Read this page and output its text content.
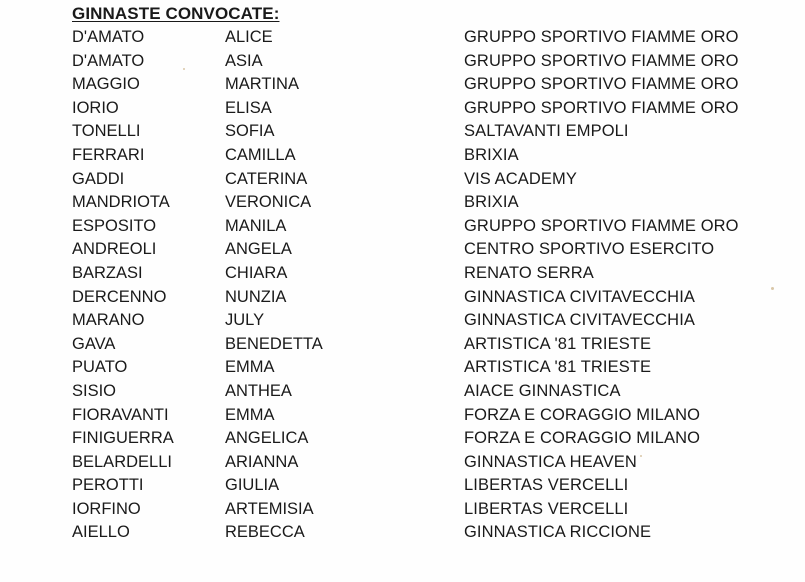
GINNASTE CONVOCATE:
D'AMATO	ALICE	GRUPPO SPORTIVO FIAMME ORO
D'AMATO	ASIA	GRUPPO SPORTIVO FIAMME ORO
MAGGIO	MARTINA	GRUPPO SPORTIVO FIAMME ORO
IORIO	ELISA	GRUPPO SPORTIVO FIAMME ORO
TONELLI	SOFIA	SALTAVANTI EMPOLI
FERRARI	CAMILLA	BRIXIA
GADDI	CATERINA	VIS ACADEMY
MANDRIOTA	VERONICA	BRIXIA
ESPOSITO	MANILA	GRUPPO SPORTIVO FIAMME ORO
ANDREOLI	ANGELA	CENTRO SPORTIVO ESERCITO
BARZASI	CHIARA	RENATO SERRA
DERCENNO	NUNZIA	GINNASTICA CIVITAVECCHIA
MARANO	JULY	GINNASTICA CIVITAVECCHIA
GAVA	BENEDETTA	ARTISTICA '81 TRIESTE
PUATO	EMMA	ARTISTICA '81 TRIESTE
SISIO	ANTHEA	AIACE GINNASTICA
FIORAVANTI	EMMA	FORZA E CORAGGIO MILANO
FINIGUERRA	ANGELICA	FORZA E CORAGGIO MILANO
BELARDELLI	ARIANNA	GINNASTICA HEAVEN
PEROTTI	GIULIA	LIBERTAS VERCELLI
IORFINO	ARTEMISIA	LIBERTAS VERCELLI
AIELLO	REBECCA	GINNASTICA RICCIONE
